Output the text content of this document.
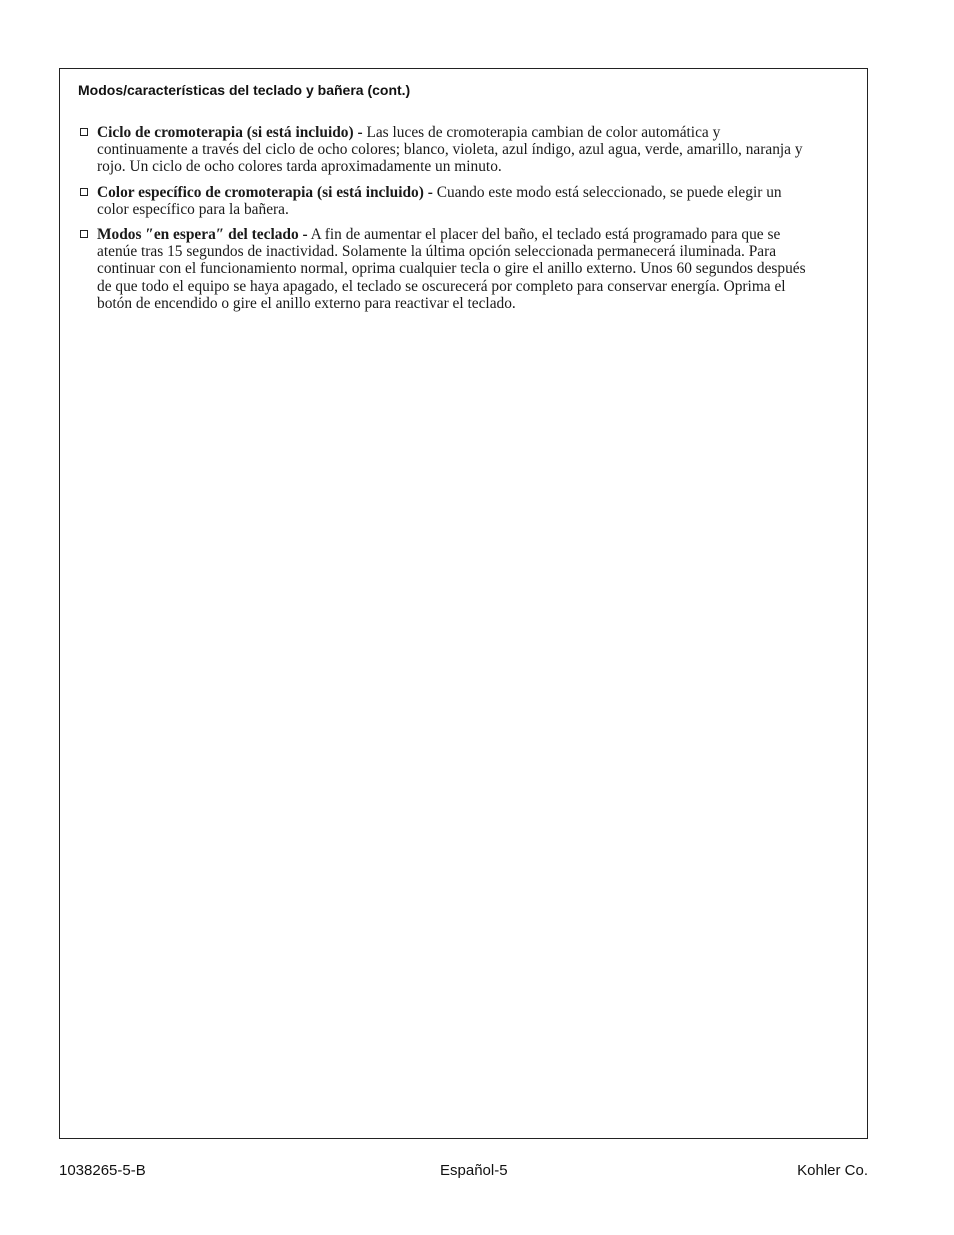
Modos/características del teclado y bañera (cont.)
Ciclo de cromoterapia (si está incluido) - Las luces de cromoterapia cambian de color automática y continuamente a través del ciclo de ocho colores; blanco, violeta, azul índigo, azul agua, verde, amarillo, naranja y rojo. Un ciclo de ocho colores tarda aproximadamente un minuto.
Color específico de cromoterapia (si está incluido) - Cuando este modo está seleccionado, se puede elegir un color específico para la bañera.
Modos ″en espera″ del teclado - A fin de aumentar el placer del baño, el teclado está programado para que se atenúe tras 15 segundos de inactividad. Solamente la última opción seleccionada permanecerá iluminada. Para continuar con el funcionamiento normal, oprima cualquier tecla o gire el anillo externo. Unos 60 segundos después de que todo el equipo se haya apagado, el teclado se oscurecerá por completo para conservar energía. Oprima el botón de encendido o gire el anillo externo para reactivar el teclado.
1038265-5-B	Español-5	Kohler Co.
